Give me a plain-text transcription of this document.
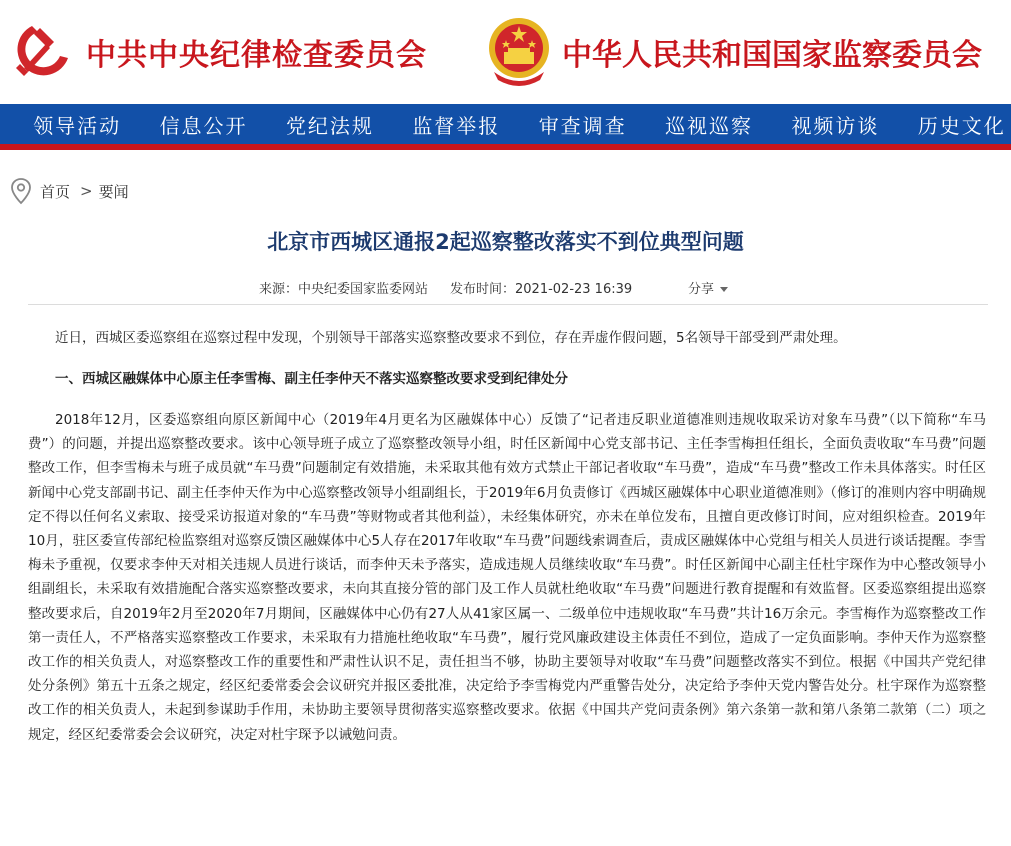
中共中央纪律检查委员会	中华人民共和国国家监察委员会
领导活动 信息公开 党纪法规 监督举报 审查调查 巡视巡察 视频访谈 历史文化
首页 > 要闻
北京市西城区通报2起巡察整改落实不到位典型问题
来源：中央纪委国家监委网站 发布时间：2021-02-23 16:39	分享

近日，西城区委巡察组在巡察过程中发现，个别领导干部落实巡察整改要求不到位，存在弄虚作假问题，5名领导干部受到严肃处理。

一、西城区融媒体中心原主任李雪梅、副主任李仲天不落实巡察整改要求受到纪律处分

2018年12月，区委巡察组向原区新闻中心（2019年4月更名为区融媒体中心）反馈了“记者违反职业道德准则违规收取采访对象车马费”（以下简称“车马费”）的问题，并提出巡察整改要求。该中心领导班子成立了巡察整改领导小组，时任区新闻中心党支部书记、主任李雪梅担任组长，全面负责收取“车马费”问题整改工作，但李雪梅未与班子成员就“车马费”问题制定有效措施，未采取其他有效方式禁止干部记者收取“车马费”，造成“车马费”整改工作未具体落实。时任区新闻中心党支部副书记、副主任李仲天作为中心巡察整改领导小组副组长，于2019年6月负责修订《西城区融媒体中心职业道德准则》（修订的准则内容中明确规定不得以任何名义索取、接受采访报道对象的“车马费”等财物或者其他利益），未经集体研究，亦未在单位发布，且擅自更改修订时间，应对组织检查。2019年10月，驻区委宣传部纪检监察组对巡察反馈区融媒体中心5人存在2017年收取“车马费”问题线索调查后，责成区融媒体中心党组与相关人员进行谈话提醒。李雪梅未予重视，仅要求李仲天对相关违规人员进行谈话，而李仲天未予落实，造成违规人员继续收取“车马费”。时任区新闻中心副主任杜宇琛作为中心整改领导小组副组长，未采取有效措施配合落实巡察整改要求，未向其直接分管的部门及工作人员就杜绝收取“车马费”问题进行教育提醒和有效监督。区委巡察组提出巡察整改要求后，自2019年2月至2020年7月期间，区融媒体中心仍有27人从41家区属一、二级单位中违规收取“车马费”共计16万余元。李雪梅作为巡察整改工作第一责任人，不严格落实巡察整改工作要求，未采取有力措施杜绝收取“车马费”，履行党风廉政建设主体责任不到位，造成了一定负面影响。李仲天作为巡察整改工作的相关负责人，对巡察整改工作的重要性和严肃性认识不足，责任担当不够，协助主要领导对收取“车马费”问题整改落实不到位。根据《中国共产党纪律处分条例》第五十五条之规定，经区纪委常委会会议研究并报区委批准，决定给予李雪梅党内严重警告处分，决定给予李仲天党内警告处分。杜宇琛作为巡察整改工作的相关负责人，未起到参谋助手作用，未协助主要领导贯彻落实巡察整改要求。依据《中国共产党问责条例》第六条第一款和第八条第二款第（二）项之规定，经区纪委常委会会议研究，决定对杜宇琛予以诫勉问责。
